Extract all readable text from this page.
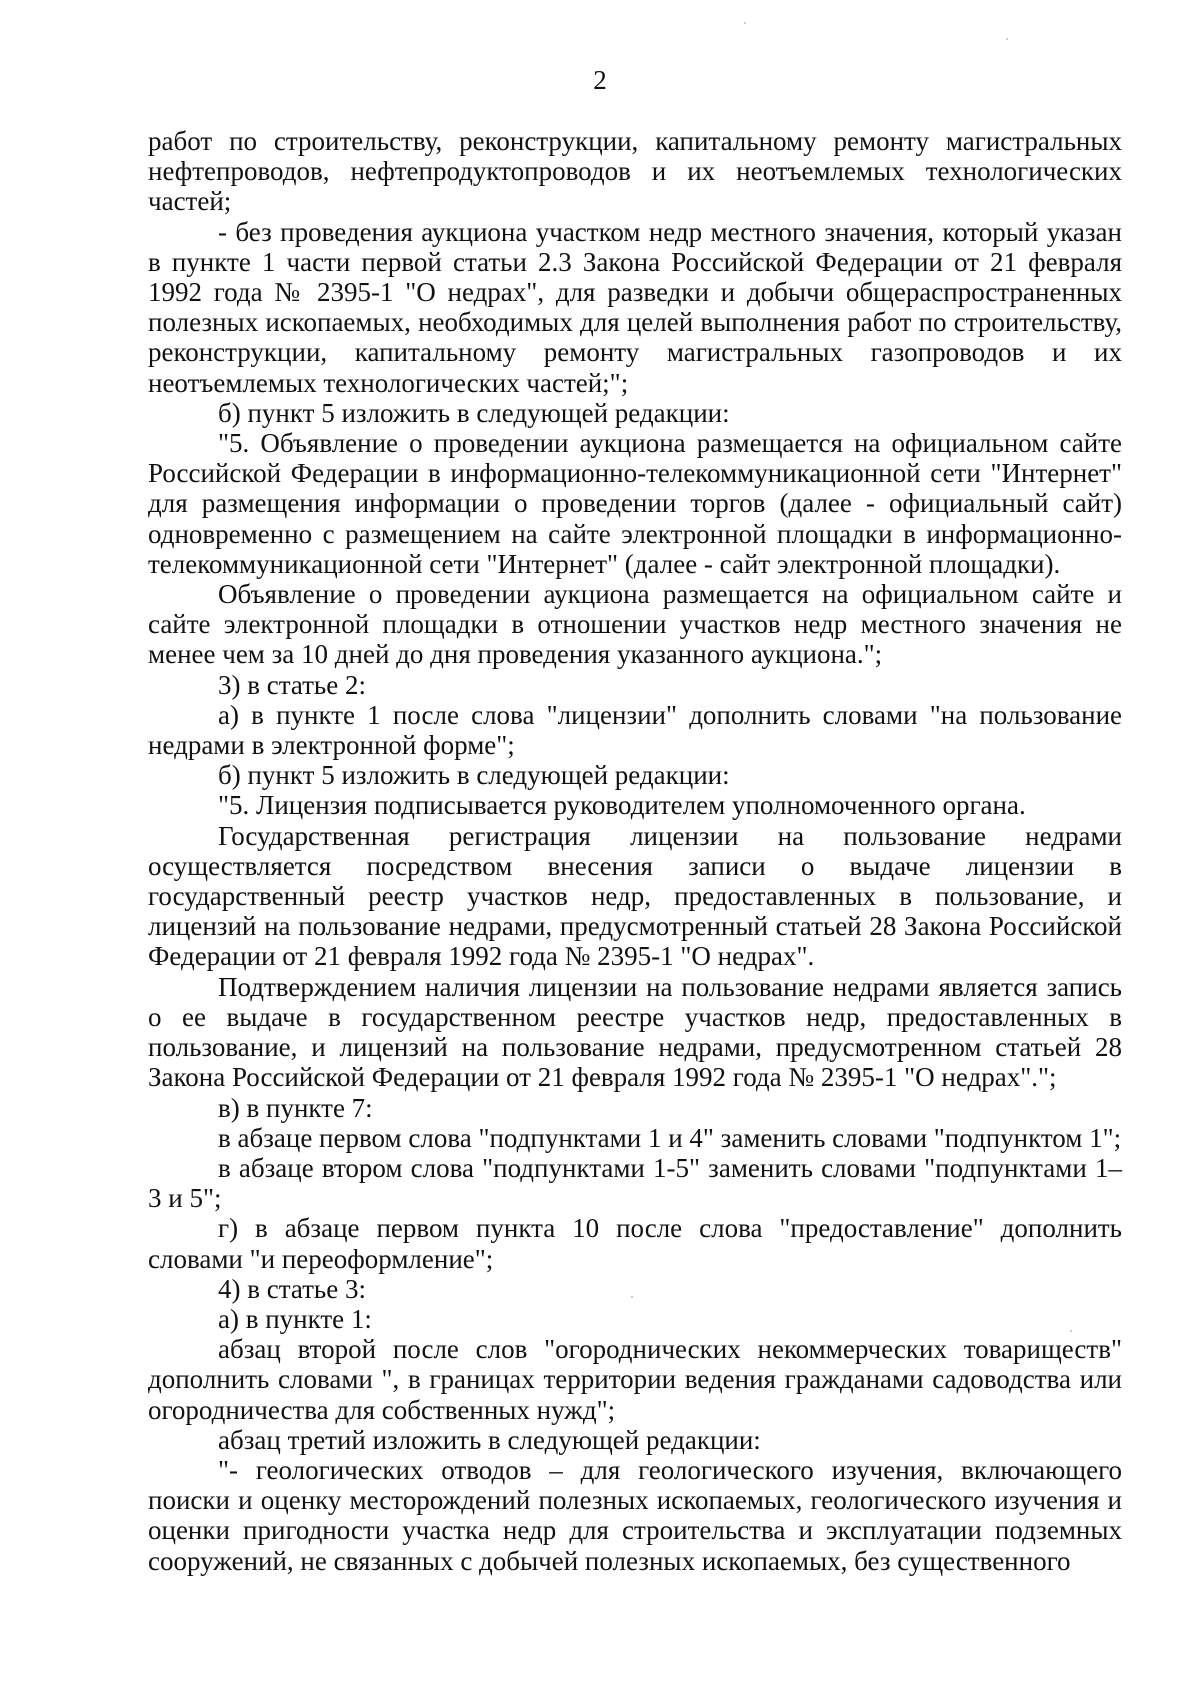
2

работ по строительству, реконструкции, капитальному ремонту магистральных нефтепроводов, нефтепродуктопроводов и их неотъемлемых технологических частей;

- без проведения аукциона участком недр местного значения, который указан в пункте 1 части первой статьи 2.3 Закона Российской Федерации от 21 февраля 1992 года № 2395-1 "О недрах", для разведки и добычи общераспространенных полезных ископаемых, необходимых для целей выполнения работ по строительству, реконструкции, капитальному ремонту магистральных газопроводов и их неотъемлемых технологических частей;";

б) пункт 5 изложить в следующей редакции:

"5. Объявление о проведении аукциона размещается на официальном сайте Российской Федерации в информационно-телекоммуникационной сети "Интернет" для размещения информации о проведении торгов (далее - официальный сайт) одновременно с размещением на сайте электронной площадки в информационно-телекоммуникационной сети "Интернет" (далее - сайт электронной площадки).

Объявление о проведении аукциона размещается на официальном сайте и сайте электронной площадки в отношении участков недр местного значения не менее чем за 10 дней до дня проведения указанного аукциона.";

3) в статье 2:

а) в пункте 1 после слова "лицензии" дополнить словами "на пользование недрами в электронной форме";

б) пункт 5 изложить в следующей редакции:

"5. Лицензия подписывается руководителем уполномоченного органа.

Государственная регистрация лицензии на пользование недрами осуществляется посредством внесения записи о выдаче лицензии в государственный реестр участков недр, предоставленных в пользование, и лицензий на пользование недрами, предусмотренный статьей 28 Закона Российской Федерации от 21 февраля 1992 года № 2395-1 "О недрах".

Подтверждением наличия лицензии на пользование недрами является запись о ее выдаче в государственном реестре участков недр, предоставленных в пользование, и лицензий на пользование недрами, предусмотренном статьей 28 Закона Российской Федерации от 21 февраля 1992 года № 2395-1 "О недрах".";

в) в пункте 7:

в абзаце первом слова "подпунктами 1 и 4" заменить словами "подпунктом 1";

в абзаце втором слова "подпунктами 1-5" заменить словами "подпунктами 1–3 и 5";

г) в абзаце первом пункта 10 после слова "предоставление" дополнить словами "и переоформление";

4) в статье 3:

а) в пункте 1:

абзац второй после слов "огороднических некоммерческих товариществ" дополнить словами ", в границах территории ведения гражданами садоводства или огородничества для собственных нужд";

абзац третий изложить в следующей редакции:

"- геологических отводов – для геологического изучения, включающего поиски и оценку месторождений полезных ископаемых, геологического изучения и оценки пригодности участка недр для строительства и эксплуатации подземных сооружений, не связанных с добычей полезных ископаемых, без существенного
